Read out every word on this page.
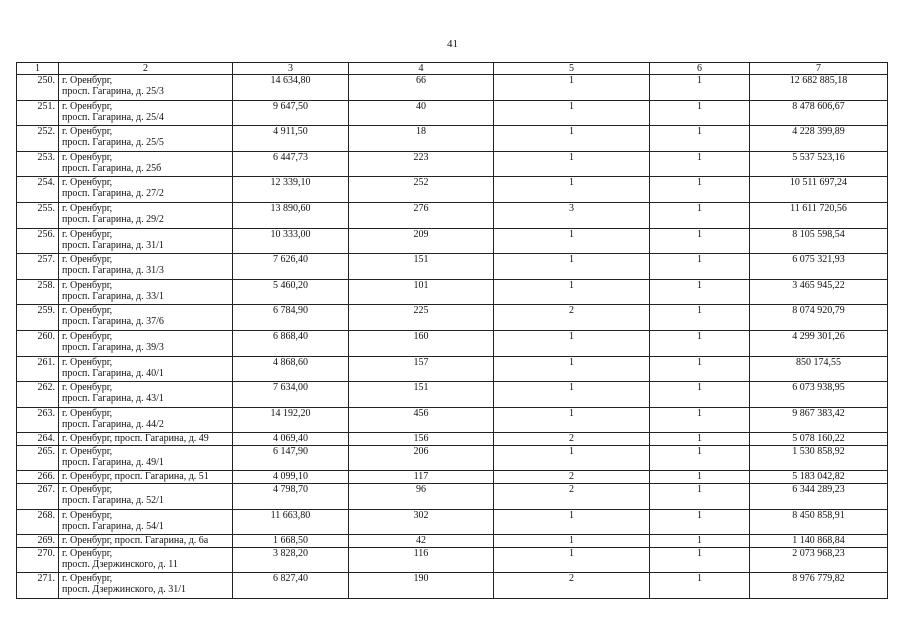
41
1	2	3	4	5	6	7
250.	г. Оренбург,
просп. Гагарина, д. 25/3	14 634,80	66	1	1	12 682 885,18
251.	г. Оренбург,
просп. Гагарина, д. 25/4	9 647,50	40	1	1	8 478 606,67
252.	г. Оренбург,
просп. Гагарина, д. 25/5	4 911,50	18	1	1	4 228 399,89
253.	г. Оренбург,
просп. Гагарина, д. 25б	6 447,73	223	1	1	5 537 523,16
254.	г. Оренбург,
просп. Гагарина, д. 27/2	12 339,10	252	1	1	10 511 697,24
255.	г. Оренбург,
просп. Гагарина, д. 29/2	13 890,60	276	3	1	11 611 720,56
256.	г. Оренбург,
просп. Гагарина, д. 31/1	10 333,00	209	1	1	8 105 598,54
257.	г. Оренбург,
просп. Гагарина, д. 31/3	7 626,40	151	1	1	6 075 321,93
258.	г. Оренбург,
просп. Гагарина, д. 33/1	5 460,20	101	1	1	3 465 945,22
259.	г. Оренбург,
просп. Гагарина, д. 37/6	6 784,90	225	2	1	8 074 920,79
260.	г. Оренбург,
просп. Гагарина, д. 39/3	6 868,40	160	1	1	4 299 301,26
261.	г. Оренбург,
просп. Гагарина, д. 40/1	4 868,60	157	1	1	850 174,55
262.	г. Оренбург,
просп. Гагарина, д. 43/1	7 634,00	151	1	1	6 073 938,95
263.	г. Оренбург,
просп. Гагарина, д. 44/2	14 192,20	456	1	1	9 867 383,42
264.	г. Оренбург, просп. Гагарина, д. 49	4 069,40	156	2	1	5 078 160,22
265.	г. Оренбург,
просп. Гагарина, д. 49/1	6 147,90	206	1	1	1 530 858,92
266.	г. Оренбург, просп. Гагарина, д. 51	4 099,10	117	2	1	5 183 042,82
267.	г. Оренбург,
просп. Гагарина, д. 52/1	4 798,70	96	2	1	6 344 289,23
268.	г. Оренбург,
просп. Гагарина, д. 54/1	11 663,80	302	1	1	8 450 858,91
269.	г. Оренбург, просп. Гагарина, д. 6а	1 668,50	42	1	1	1 140 868,84
270.	г. Оренбург,
просп. Дзержинского, д. 11	3 828,20	116	1	1	2 073 968,23
271.	г. Оренбург,
просп. Дзержинского, д. 31/1	6 827,40	190	2	1	8 976 779,82
